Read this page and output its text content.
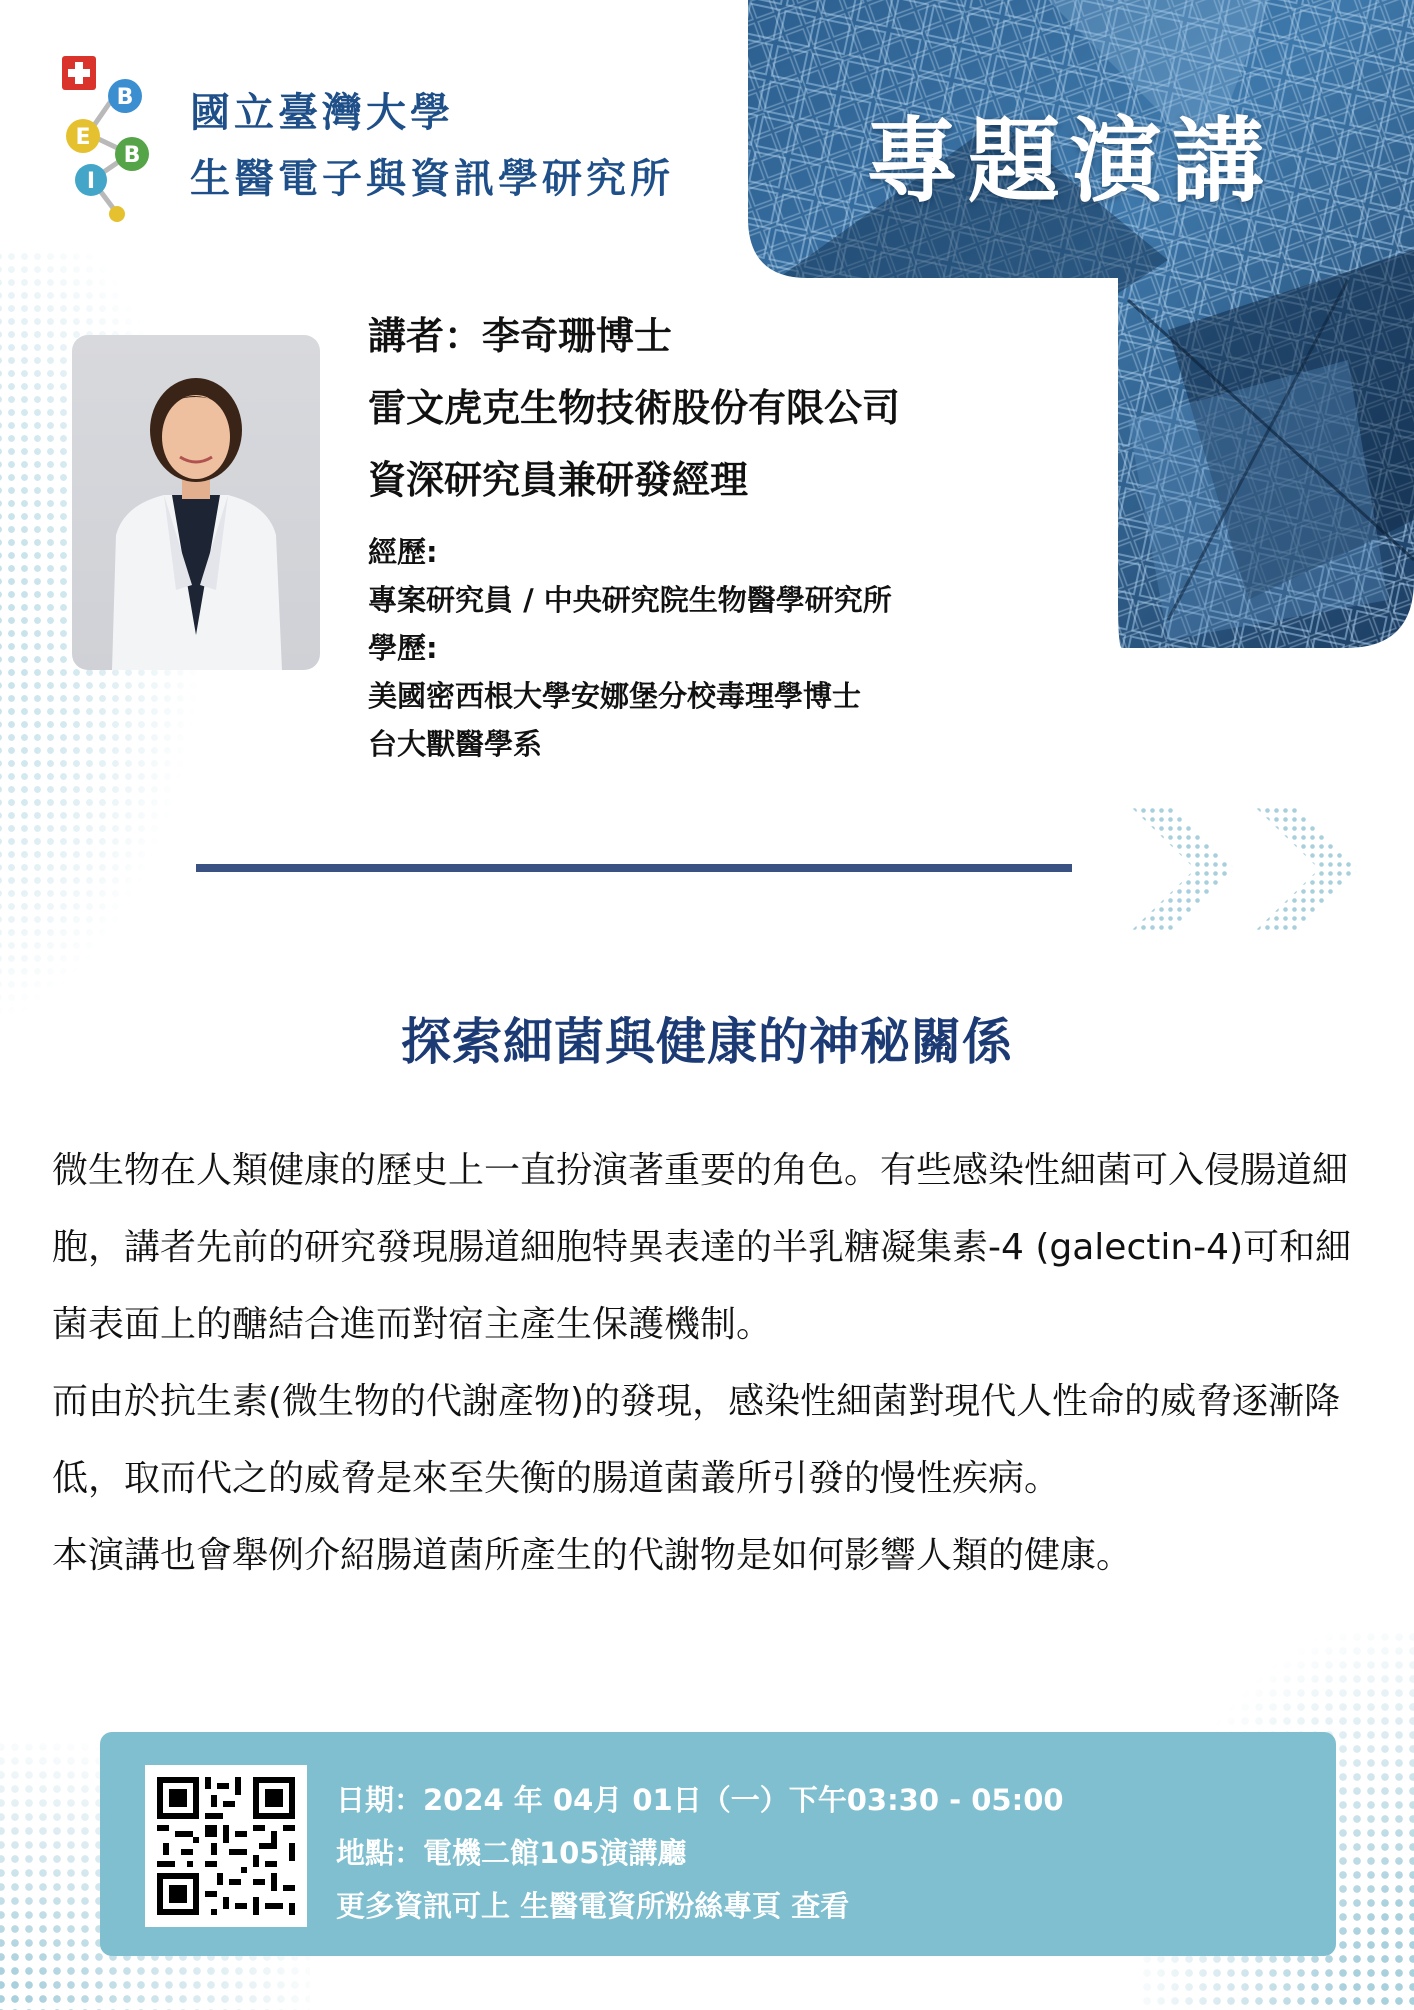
專題演講
B
E
B
I
國立臺灣大學
生醫電子與資訊學研究所
講者：李奇珊博士
雷文虎克生物技術股份有限公司
資深研究員兼研發經理
經歷:
專案研究員 / 中央研究院生物醫學研究所
學歷:
美國密西根大學安娜堡分校毒理學博士
台大獸醫學系
探索細菌與健康的神秘關係

微生物在人類健康的歷史上一直扮演著重要的角色。有些感染性細菌可入侵腸道細胞，講者先前的研究發現腸道細胞特異表達的半乳糖凝集素-4 (galectin-4)可和細菌表面上的醣結合進而對宿主產生保護機制。

而由於抗生素(微生物的代謝產物)的發現，感染性細菌對現代人性命的威脅逐漸降低，取而代之的威脅是來至失衡的腸道菌叢所引發的慢性疾病。

本演講也會舉例介紹腸道菌所產生的代謝物是如何影響人類的健康。

日期：2024 年 04月 01日（一）下午03:30 - 05:00
地點：電機二館105演講廳
更多資訊可上 生醫電資所粉絲專頁 查看
